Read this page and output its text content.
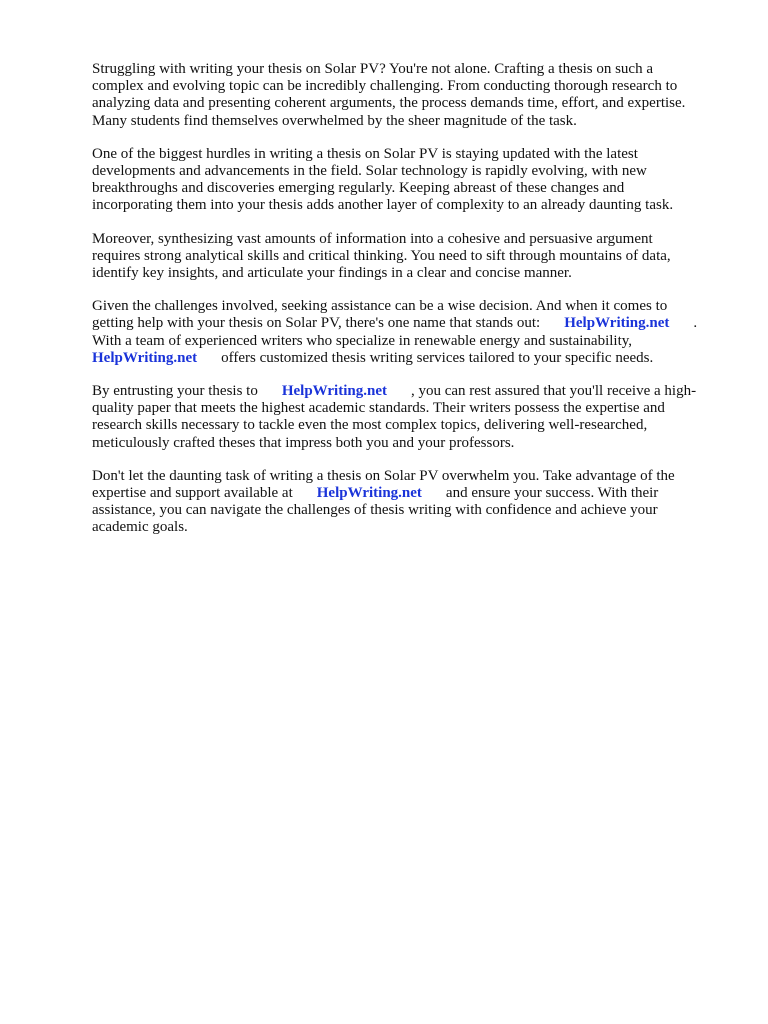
Struggling with writing your thesis on Solar PV? You're not alone. Crafting a thesis on such a
complex and evolving topic can be incredibly challenging. From conducting thorough research to
analyzing data and presenting coherent arguments, the process demands time, effort, and expertise.
Many students find themselves overwhelmed by the sheer magnitude of the task.

One of the biggest hurdles in writing a thesis on Solar PV is staying updated with the latest
developments and advancements in the field. Solar technology is rapidly evolving, with new
breakthroughs and discoveries emerging regularly. Keeping abreast of these changes and
incorporating them into your thesis adds another layer of complexity to an already daunting task.

Moreover, synthesizing vast amounts of information into a cohesive and persuasive argument
requires strong analytical skills and critical thinking. You need to sift through mountains of data,
identify key insights, and articulate your findings in a clear and concise manner.

Given the challenges involved, seeking assistance can be a wise decision. And when it comes to
getting help with your thesis on Solar PV, there's one name that stands out: HelpWriting.net .
With a team of experienced writers who specialize in renewable energy and sustainability,
HelpWriting.net offers customized thesis writing services tailored to your specific needs.

By entrusting your thesis to HelpWriting.net , you can rest assured that you'll receive a high-
quality paper that meets the highest academic standards. Their writers possess the expertise and
research skills necessary to tackle even the most complex topics, delivering well-researched,
meticulously crafted theses that impress both you and your professors.

Don't let the daunting task of writing a thesis on Solar PV overwhelm you. Take advantage of the
expertise and support available at HelpWriting.net and ensure your success. With their
assistance, you can navigate the challenges of thesis writing with confidence and achieve your
academic goals.
